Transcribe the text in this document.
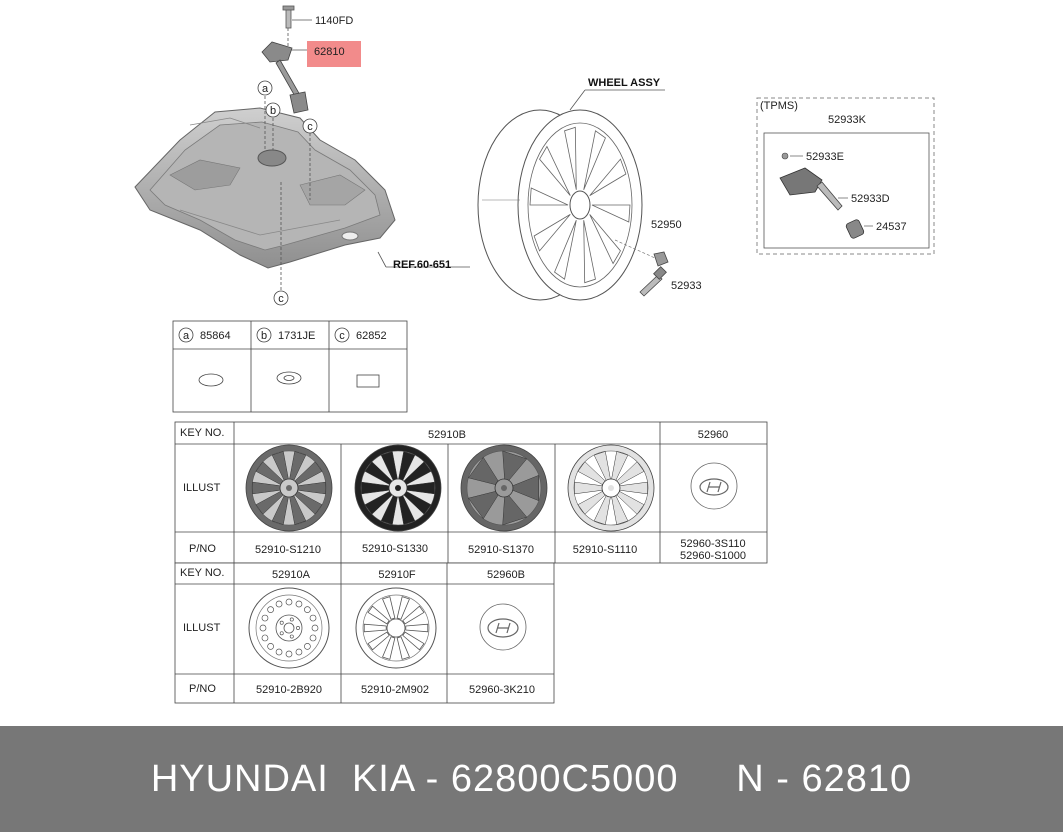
1140FD
62810
a
b
c
c
REF.60-651
WHEEL ASSY
52950
52933
(TPMS)
52933K
52933E
52933D
24537
a 85864	b 1731JE c 62852
KEY NO.	52910B	52960
ILLUST
P/NO	52910-S1210	52910-S1330	52910-S1370	52910-S1110	52960-3S110
52960-S1000
KEY NO.	52910A	52910F	52960B
ILLUST
P/NO	52910-2B920	52910-2M902	52960-3K210
HYUNDAI  KIA - 62800C5000     N - 62810
